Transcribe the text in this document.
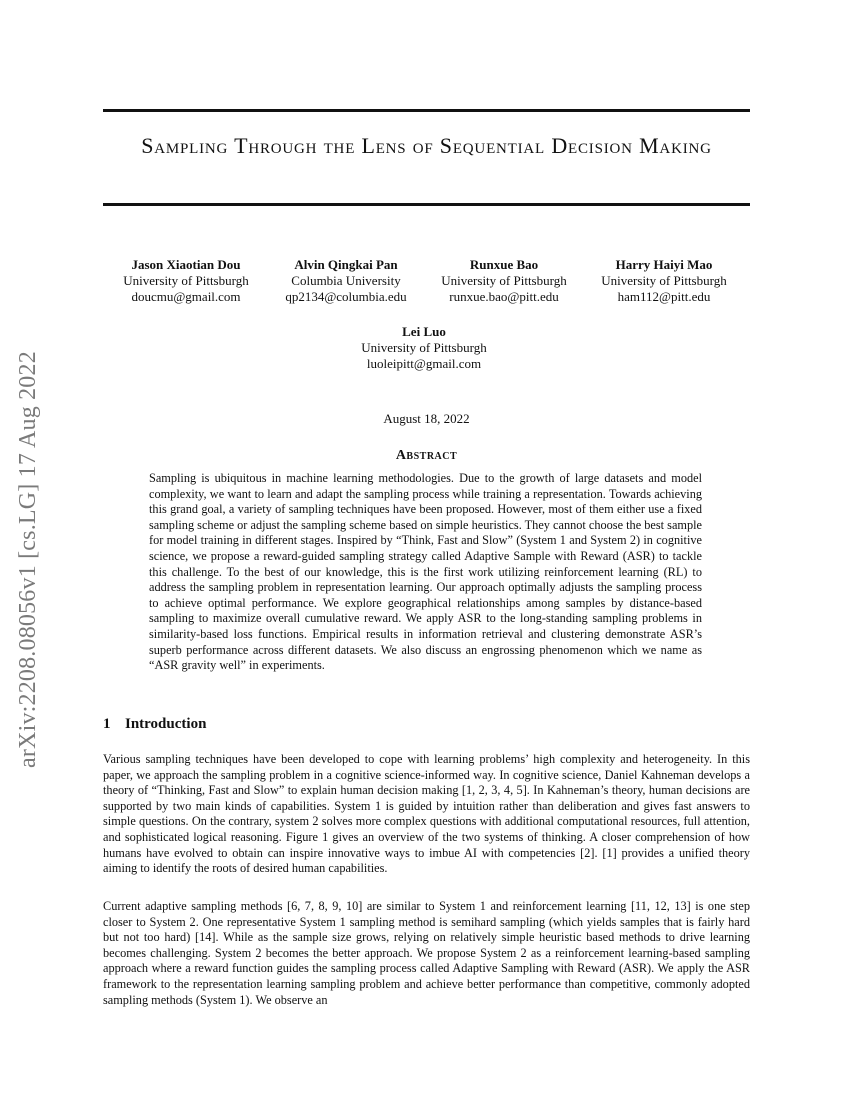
arXiv:2208.08056v1 [cs.LG] 17 Aug 2022
Sampling Through the Lens of Sequential Decision Making
Jason Xiaotian Dou
University of Pittsburgh
doucmu@gmail.com
Alvin Qingkai Pan
Columbia University
qp2134@columbia.edu
Runxue Bao
University of Pittsburgh
runxue.bao@pitt.edu
Harry Haiyi Mao
University of Pittsburgh
ham112@pitt.edu
Lei Luo
University of Pittsburgh
luoleipitt@gmail.com
August 18, 2022
Abstract

Sampling is ubiquitous in machine learning methodologies. Due to the growth of large datasets and model complexity, we want to learn and adapt the sampling process while training a representation. Towards achieving this grand goal, a variety of sampling techniques have been proposed. However, most of them either use a fixed sampling scheme or adjust the sampling scheme based on simple heuristics. They cannot choose the best sample for model training in different stages. Inspired by “Think, Fast and Slow” (System 1 and System 2) in cognitive science, we propose a reward-guided sampling strategy called Adaptive Sample with Reward (ASR) to tackle this challenge. To the best of our knowledge, this is the first work utilizing reinforcement learning (RL) to address the sampling problem in representation learning. Our approach optimally adjusts the sampling process to achieve optimal performance. We explore geographical relationships among samples by distance-based sampling to maximize overall cumulative reward. We apply ASR to the long-standing sampling problems in similarity-based loss functions. Empirical results in information retrieval and clustering demonstrate ASR’s superb performance across different datasets. We also discuss an engrossing phenomenon which we name as “ASR gravity well” in experiments.

1 Introduction

Various sampling techniques have been developed to cope with learning problems’ high complexity and heterogeneity. In this paper, we approach the sampling problem in a cognitive science-informed way. In cognitive science, Daniel Kahneman develops a theory of “Thinking, Fast and Slow” to explain human decision making [1, 2, 3, 4, 5]. In Kahneman’s theory, human decisions are supported by two main kinds of capabilities. System 1 is guided by intuition rather than deliberation and gives fast answers to simple questions. On the contrary, system 2 solves more complex questions with additional computational resources, full attention, and sophisticated logical reasoning. Figure 1 gives an overview of the two systems of thinking. A closer comprehension of how humans have evolved to obtain can inspire innovative ways to imbue AI with competencies [2]. [1] provides a unified theory aiming to identify the roots of desired human capabilities.

Current adaptive sampling methods [6, 7, 8, 9, 10] are similar to System 1 and reinforcement learning [11, 12, 13] is one step closer to System 2. One representative System 1 sampling method is semihard sampling (which yields samples that is fairly hard but not too hard) [14]. While as the sample size grows, relying on relatively simple heuristic based methods to drive learning becomes challenging. System 2 becomes the better approach. We propose System 2 as a reinforcement learning-based sampling approach where a reward function guides the sampling process called Adaptive Sampling with Reward (ASR). We apply the ASR framework to the representation learning sampling problem and achieve better performance than competitive, commonly adopted sampling methods (System 1). We observe an
